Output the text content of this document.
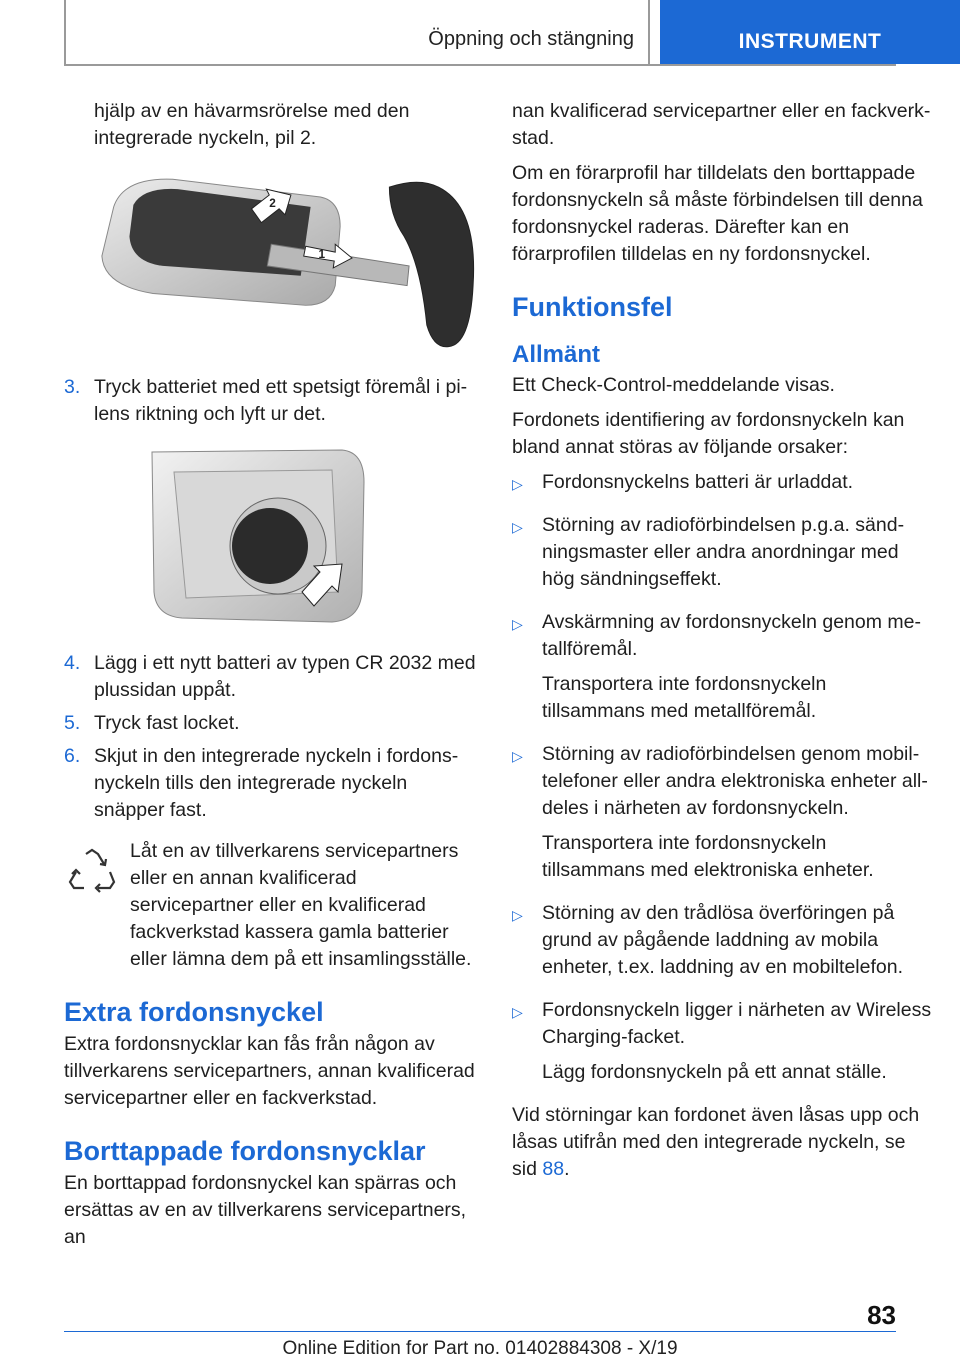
Öppning och stängning	INSTRUMENT

hjälp av en hävarmsrörelse med den integrerade nyckeln, pil 2.

1
2
3. Tryck batteriet med ett spetsigt föremål i pilens riktning och lyft ur det.
4. Lägg i ett nytt batteri av typen CR 2032 med plussidan uppåt.
5. Tryck fast locket.
6. Skjut in den integrerade nyckeln i fordonsnyckeln tills den integrerade nyckeln snäpper fast.

Låt en av tillverkarens servicepartners eller en annan kvalificerad servicepartner eller en kvalificerad fackverkstad kassera gamla batterier eller lämna dem på ett insamlingsställe.

Extra fordonsnyckel

Extra fordonsnycklar kan fås från någon av tillverkarens servicepartners, annan kvalificerad servicepartner eller en fackverkstad.

Borttappade fordonsnycklar

En borttappad fordonsnyckel kan spärras och ersättas av en av tillverkarens servicepartners, an

nan kvalificerad servicepartner eller en fackverkstad.

Om en förarprofil har tilldelats den borttappade fordonsnyckeln så måste förbindelsen till denna fordonsnyckel raderas. Därefter kan en förarprofilen tilldelas en ny fordonsnyckel.

Funktionsfel
Allmänt

Ett Check-Control-meddelande visas.

Fordonets identifiering av fordonsnyckeln kan bland annat störas av följande orsaker:

▷ Fordonsnyckelns batteri är urladdat.

▷ Störning av radioförbindelsen p.g.a. sändningsmaster eller andra anordningar med hög sändningseffekt.

▷ Avskärmning av fordonsnyckeln genom metallföremål.

Transportera inte fordonsnyckeln tillsammans med metallföremål.

▷ Störning av radioförbindelsen genom mobiltelefoner eller andra elektroniska enheter alldeles i närheten av fordonsnyckeln.

Transportera inte fordonsnyckeln tillsammans med elektroniska enheter.

▷ Störning av den trådlösa överföringen på grund av pågående laddning av mobila enheter, t.ex. laddning av en mobiltelefon.

▷ Fordonsnyckeln ligger i närheten av Wireless Charging-facket.

Lägg fordonsnyckeln på ett annat ställe.

Vid störningar kan fordonet även låsas upp och låsas utifrån med den integrerade nyckeln, se sid 88.

83
Online Edition for Part no. 01402884308 - X/19
